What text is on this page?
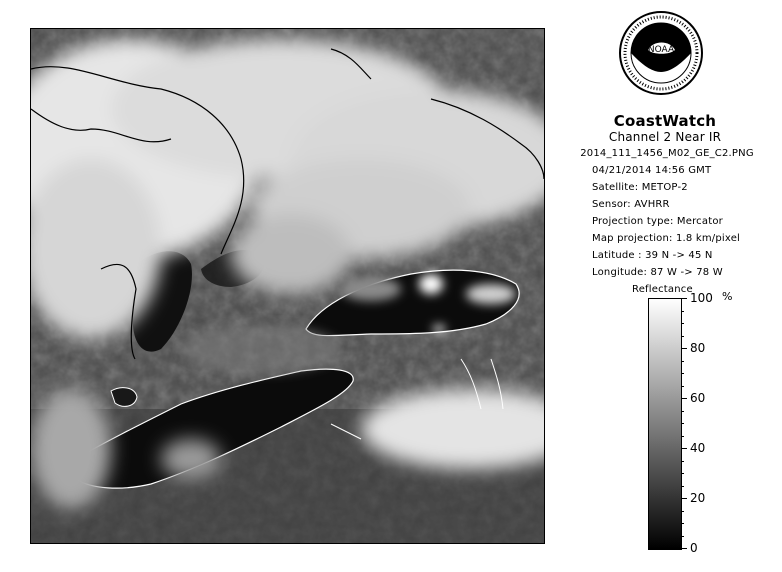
NOAA
CoastWatch
Channel 2 Near IR
2014_111_1456_M02_GE_C2.PNG
04/21/2014 14:56 GMT
Satellite: METOP-2
Sensor: AVHRR
Projection type: Mercator
Map projection: 1.8 km/pixel
Latitude : 39 N -> 45 N
Longitude: 87 W -> 78 W
Reflectance
%
100
80
60
40
20
0
